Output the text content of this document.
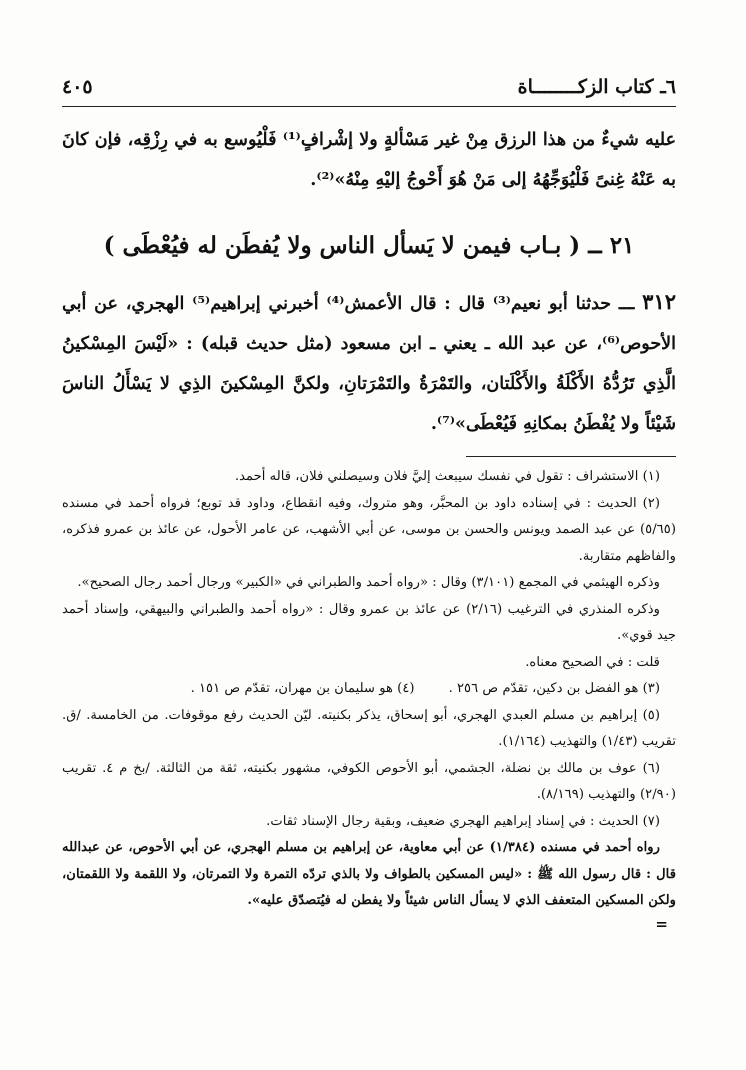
٦ـ كتاب الزكــــــــاة
٤٠٥
عليه شيءٌ من هذا الرزق مِنْ غير مَسْألةٍ ولا إشْرافٍ⁽¹⁾ فَلْيُوسع به في رِزْقِه، فإن كانَ به عَنْهُ غِنىً فَلْيُوَجِّهُهُ إلى مَنْ هُوَ أَحْوجُ إليْهِ مِنْهُ»⁽²⁾.
٢١ ــ ( بـاب فيمن لا يَسأل الناس ولا يُفطَن له فيُعْطَى )
٣١٢ ـــ حدثنا أبو نعيم⁽³⁾ قال : قال الأعمش⁽⁴⁾ أخبرني إبراهيم⁽⁵⁾ الهجري، عن أبي الأحوص⁽⁶⁾، عن عبد الله ـ يعني ـ ابن مسعود (مثل حديث قبله) : «لَيْسَ المِسْكينُ الَّذِي تَرُدُّهُ الأَكْلَةُ والأَكْلَتان، والتَمْرَةُ والتَمْرَتانِ، ولكنَّ المِسْكينَ الذِي لا يَسْأَلُ الناسَ شَيْئاً ولا يُفْطَنُ بمكانِهِ فَيُعْطَى»⁽⁷⁾.

(١) الاستشراف : تقول في نفسك سيبعث إليَّ فلان وسيصلني فلان، قاله أحمد.

(٢) الحديث : في إسناده داود بن المحبَّر، وهو متروك، وفيه انقطاع، وداود قد توبع؛ فرواه أحمد في مسنده (٥/٦٥) عن عبد الصمد ويونس والحسن بن موسى، عن أبي الأشهب، عن عامر الأحول، عن عائذ بن عمرو فذكره، والفاظهم متقاربة.

وذكره الهيثمي في المجمع (٣/١٠١) وقال : «رواه أحمد والطبراني في «الكبير» ورجال أحمد رجال الصحيح».

وذكره المنذري في الترغيب (٢/١٦) عن عائذ بن عمرو وقال : «رواه أحمد والطبراني والبيهقي، وإسناد أحمد جيد قوي».

قلت : في الصحيح معناه.

(٣) هو الفضل بن دكين، تقدّم ص ٢٥٦ .
(٤) هو سليمان بن مهران، تقدّم ص ١٥١ .

(٥) إبراهيم بن مسلم العبدي الهجري، أبو إسحاق، يذكر بكنيته. ليّن الحديث رفع موقوفات. من الخامسة. /ق. تقريب (١/٤٣) والتهذيب (١/١٦٤).

(٦) عوف بن مالك بن نضلة، الجشمي، أبو الأحوص الكوفي، مشهور بكنيته، ثقة من الثالثة. /بخ م ٤. تقريب (٢/٩٠) والتهذيب (٨/١٦٩).

(٧) الحديث : في إسناد إبراهيم الهجري ضعيف، وبقية رجال الإسناد ثقات.

رواه أحمد في مسنده (١/٣٨٤) عن أبي معاوية، عن إبراهيم بن مسلم الهجري، عن أبي الأحوص، عن عبدالله قال : قال رسول الله ﷺ : «ليس المسكين بالطواف ولا بالذي تردّه التمرة ولا التمرتان، ولا اللقمة ولا اللقمتان، ولكن المسكين المتعفف الذي لا يسأل الناس شيئاً ولا يفطن له فيُتصدّق عليه».

=
